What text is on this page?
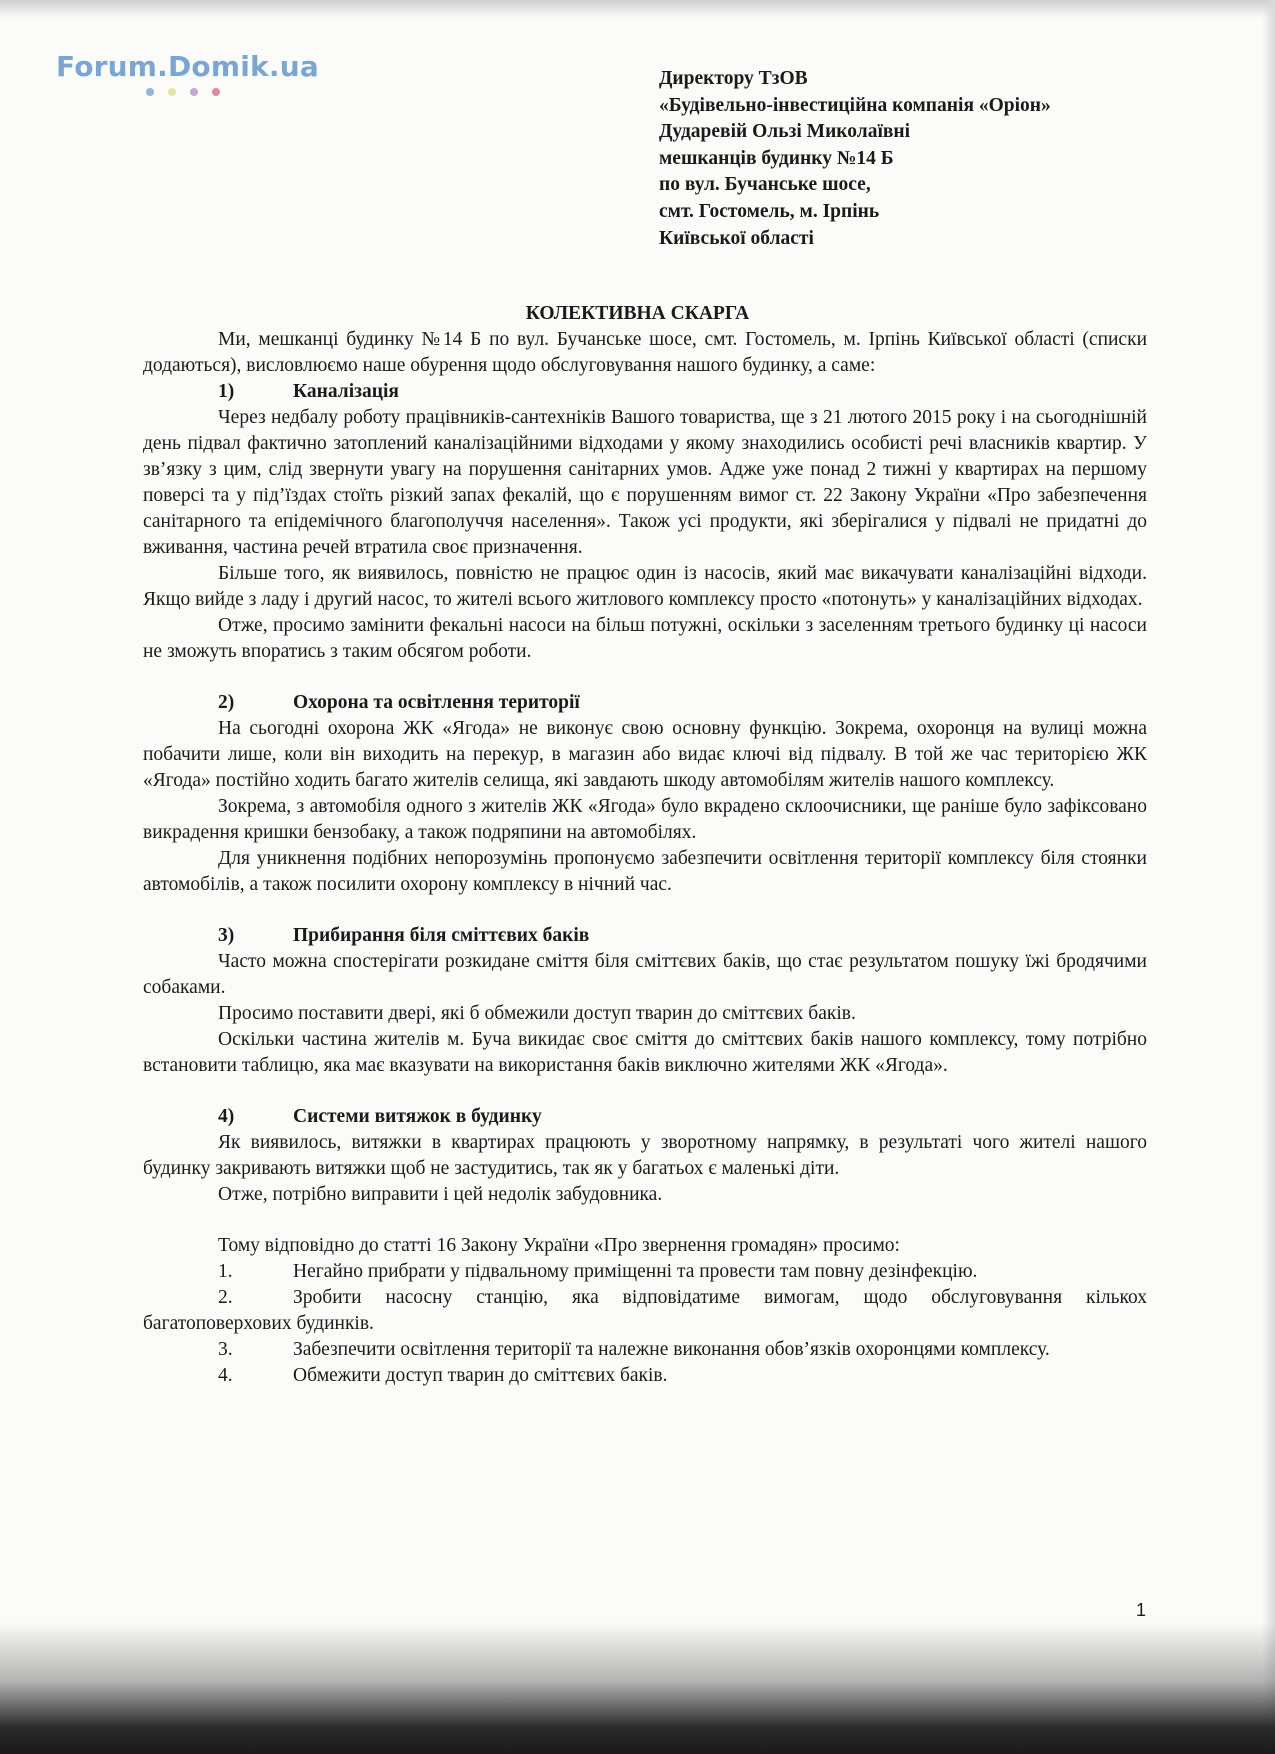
Forum.Domik.ua	Директору ТзОВ
«Будівельно-інвестиційна компанія «Оріон»
Дударевій Ользі Миколаївні
мешканців будинку №14 Б
по вул. Бучанське шосе,
смт. Гостомель, м. Ірпінь
Київської області
КОЛЕКТИВНА СКАРГА

Ми, мешканці будинку №14 Б по вул. Бучанське шосе, смт. Гостомель, м. Ірпінь Київської області (списки додаються), висловлюємо наше обурення щодо обслуговування нашого будинку, а саме:

1)	Каналізація

Через недбалу роботу працівників-сантехніків Вашого товариства, ще з 21 лютого 2015 року і на сьогоднішній день підвал фактично затоплений каналізаційними відходами у якому знаходились особисті речі власників квартир. У зв’язку з цим, слід звернути увагу на порушення санітарних умов. Адже уже понад 2 тижні у квартирах на першому поверсі та у під’їздах стоїть різкий запах фекалій, що є порушенням вимог ст. 22 Закону України «Про забезпечення санітарного та епідемічного благополуччя населення». Також усі продукти, які зберігалися у підвалі не придатні до вживання, частина речей втратила своє призначення.

Більше того, як виявилось, повністю не працює один із насосів, який має викачувати каналізаційні відходи. Якщо вийде з ладу і другий насос, то жителі всього житлового комплексу просто «потонуть» у каналізаційних відходах.

Отже, просимо замінити фекальні насоси на більш потужні, оскільки з заселенням третього будинку ці насоси не зможуть впоратись з таким обсягом роботи.

2)	Охорона та освітлення території

На сьогодні охорона ЖК «Ягода» не виконує свою основну функцію. Зокрема, охоронця на вулиці можна побачити лише, коли він виходить на перекур, в магазин або видає ключі від підвалу. В той же час територією ЖК «Ягода» постійно ходить багато жителів селища, які завдають шкоду автомобілям жителів нашого комплексу.

Зокрема, з автомобіля одного з жителів ЖК «Ягода» було вкрадено склоочисники, ще раніше було зафіксовано викрадення кришки бензобаку, а також подряпини на автомобілях.

Для уникнення подібних непорозумінь пропонуємо забезпечити освітлення території комплексу біля стоянки автомобілів, а також посилити охорону комплексу в нічний час.

3)	Прибирання біля сміттєвих баків

Часто можна спостерігати розкидане сміття біля сміттєвих баків, що стає результатом пошуку їжі бродячими собаками.

Просимо поставити двері, які б обмежили доступ тварин до сміттєвих баків.

Оскільки частина жителів м. Буча викидає своє сміття до сміттєвих баків нашого комплексу, тому потрібно встановити таблицю, яка має вказувати на використання баків виключно жителями ЖК «Ягода».

4)	Системи витяжок в будинку

Як виявилось, витяжки в квартирах працюють у зворотному напрямку, в результаті чого жителі нашого будинку закривають витяжки щоб не застудитись, так як у багатьох є маленькі діти.

Отже, потрібно виправити і цей недолік забудовника.

Тому відповідно до статті 16 Закону України «Про звернення громадян» просимо:

1.	Негайно прибрати у підвальному приміщенні та провести там повну дезінфекцію.

2.	Зробити насосну станцію, яка відповідатиме вимогам, щодо обслуговування кількох багатоповерхових будинків.

3.	Забезпечити освітлення території та належне виконання обов’язків охоронцями комплексу.

4.	Обмежити доступ тварин до сміттєвих баків.

1
